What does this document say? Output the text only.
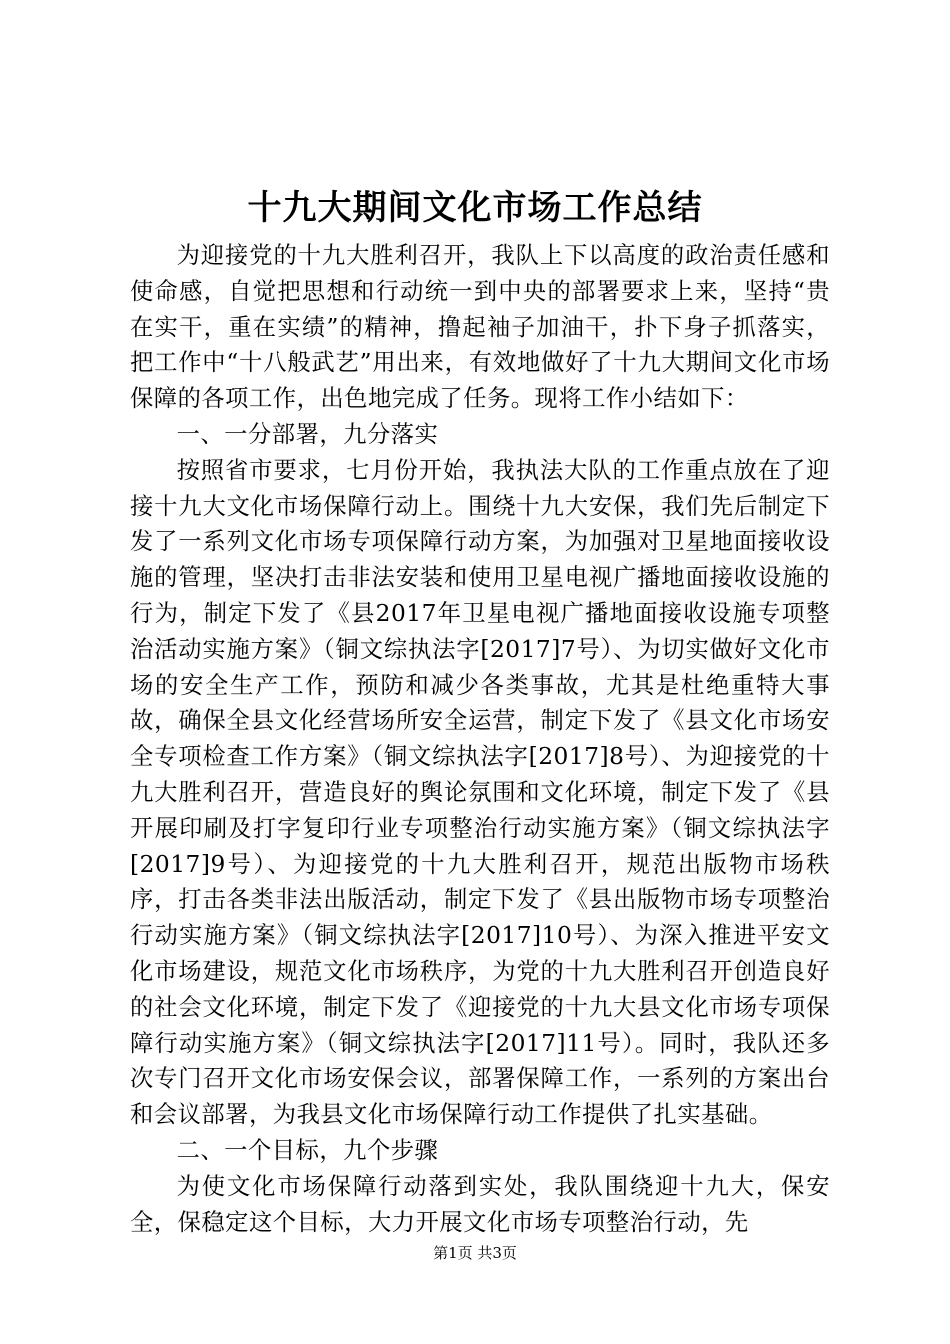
十九大期间文化市场工作总结

为迎接党的十九大胜利召开，我队上下以高度的政治责任感和使命感，自觉把思想和行动统一到中央的部署要求上来，坚持“贵在实干，重在实绩”的精神，撸起袖子加油干，扑下身子抓落实，把工作中“十八般武艺”用出来，有效地做好了十九大期间文化市场保障的各项工作，出色地完成了任务。现将工作小结如下：

一、一分部署，九分落实

按照省市要求，七月份开始，我执法大队的工作重点放在了迎接十九大文化市场保障行动上。围绕十九大安保，我们先后制定下发了一系列文化市场专项保障行动方案，为加强对卫星地面接收设施的管理，坚决打击非法安装和使用卫星电视广播地面接收设施的行为，制定下发了《县2017年卫星电视广播地面接收设施专项整治活动实施方案》（铜文综执法字[2017]7号）、为切实做好文化市场的安全生产工作，预防和减少各类事故，尤其是杜绝重特大事故，确保全县文化经营场所安全运营，制定下发了《县文化市场安全专项检查工作方案》（铜文综执法字[2017]8号）、为迎接党的十九大胜利召开，营造良好的舆论氛围和文化环境，制定下发了《县开展印刷及打字复印行业专项整治行动实施方案》（铜文综执法字[2017]9号）、为迎接党的十九大胜利召开，规范出版物市场秩序，打击各类非法出版活动，制定下发了《县出版物市场专项整治行动实施方案》（铜文综执法字[2017]10号）、为深入推进平安文化市场建设，规范文化市场秩序，为党的十九大胜利召开创造良好的社会文化环境，制定下发了《迎接党的十九大县文化市场专项保障行动实施方案》（铜文综执法字[2017]11号）。同时，我队还多次专门召开文化市场安保会议，部署保障工作，一系列的方案出台和会议部署，为我县文化市场保障行动工作提供了扎实基础。

二、一个目标，九个步骤

为使文化市场保障行动落到实处，我队围绕迎十九大，保安全，保稳定这个目标，大力开展文化市场专项整治行动，先

第1页 共3页
